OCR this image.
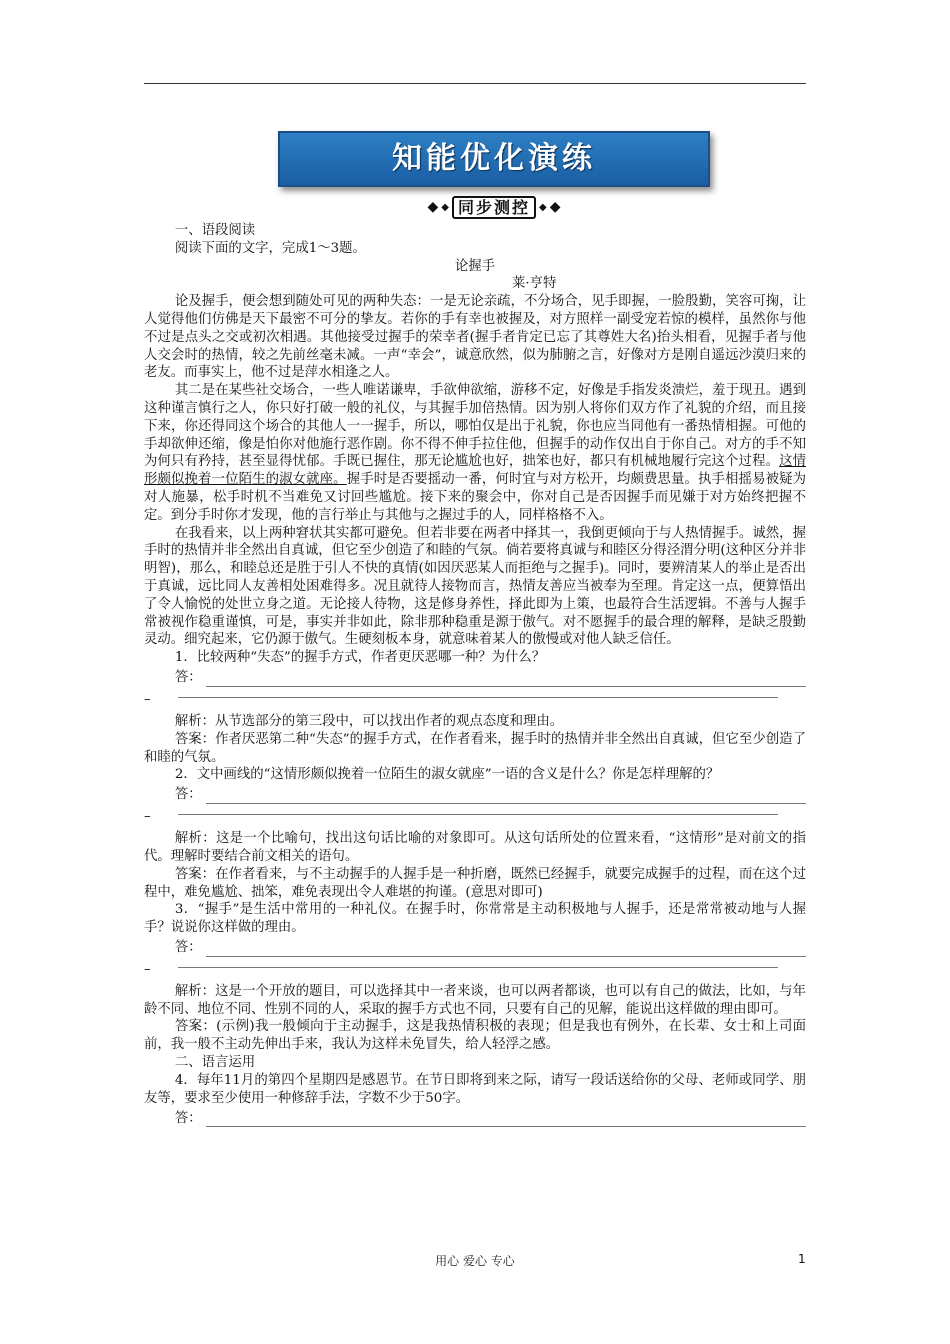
知能优化演练
◆ ◆ 同步测控 ◆ ◆

一、语段阅读

阅读下面的文字，完成1～3题。

论握手

莱·亨特

论及握手，便会想到随处可见的两种失态：一是无论亲疏，不分场合，见手即握，一脸殷勤，笑容可掬，让人觉得他们仿佛是天下最密不可分的挚友。若你的手有幸也被握及，对方照样一副受宠若惊的模样，虽然你与他不过是点头之交或初次相遇。其他接受过握手的荣幸者(握手者肯定已忘了其尊姓大名)抬头相看，见握手者与他人交会时的热情，较之先前丝毫未减。一声“幸会”，诚意欣然，似为肺腑之言，好像对方是刚自遥远沙漠归来的老友。而事实上，他不过是萍水相逢之人。

其二是在某些社交场合，一些人唯诺谦卑，手欲伸欲缩，游移不定，好像是手指发炎溃烂，羞于现丑。遇到这种谨言慎行之人，你只好打破一般的礼仪，与其握手加倍热情。因为别人将你们双方作了礼貌的介绍，而且接下来，你还得同这个场合的其他人一一握手，所以，哪怕仅是出于礼貌，你也应当同他有一番热情相握。可他的手却欲伸还缩，像是怕你对他施行恶作剧。你不得不伸手拉住他，但握手的动作仅出自于你自己。对方的手不知为何只有矜持，甚至显得忧郁。手既已握住，那无论尴尬也好，拙笨也好，都只有机械地履行完这个过程。这情形颇似挽着一位陌生的淑女就座。握手时是否要摇动一番，何时宜与对方松开，均颇费思量。执手相摇易被疑为对人施暴，松手时机不当难免又讨回些尴尬。接下来的聚会中，你对自己是否因握手而见嫌于对方始终把握不定。到分手时你才发现，他的言行举止与其他与之握过手的人，同样格格不入。

在我看来，以上两种窘状其实都可避免。但若非要在两者中择其一，我倒更倾向于与人热情握手。诚然，握手时的热情并非全然出自真诚，但它至少创造了和睦的气氛。倘若要将真诚与和睦区分得泾渭分明(这种区分并非明智)，那么，和睦总还是胜于引人不快的真情(如因厌恶某人而拒绝与之握手)。同时，要辨清某人的举止是否出于真诚，远比同人友善相处困难得多。况且就待人接物而言，热情友善应当被奉为至理。肯定这一点，便算悟出了令人愉悦的处世立身之道。无论接人待物，这是修身养性，择此即为上策，也最符合生活逻辑。不善与人握手常被视作稳重谨慎，可是，事实并非如此，除非那种稳重是源于傲气。对不愿握手的最合理的解释，是缺乏殷勤灵动。细究起来，它仍源于傲气。生硬刻板本身，就意味着某人的傲慢或对他人缺乏信任。

1．比较两种“失态”的握手方式，作者更厌恶哪一种？为什么？

答：
–

解析：从节选部分的第三段中，可以找出作者的观点态度和理由。

答案：作者厌恶第二种“失态”的握手方式，在作者看来，握手时的热情并非全然出自真诚，但它至少创造了和睦的气氛。

2．文中画线的“这情形颇似挽着一位陌生的淑女就座”一语的含义是什么？你是怎样理解的？

答：
–

解析：这是一个比喻句，找出这句话比喻的对象即可。从这句话所处的位置来看，“这情形”是对前文的指代。理解时要结合前文相关的语句。

答案：在作者看来，与不主动握手的人握手是一种折磨，既然已经握手，就要完成握手的过程，而在这个过程中，难免尴尬、拙笨，难免表现出令人难堪的拘谨。(意思对即可)

3．“握手”是生活中常用的一种礼仪。在握手时，你常常是主动积极地与人握手，还是常常被动地与人握手？说说你这样做的理由。

答：
–

解析：这是一个开放的题目，可以选择其中一者来谈，也可以两者都谈，也可以有自己的做法，比如，与年龄不同、地位不同、性别不同的人，采取的握手方式也不同，只要有自己的见解，能说出这样做的理由即可。

答案：(示例)我一般倾向于主动握手，这是我热情积极的表现；但是我也有例外，在长辈、女士和上司面前，我一般不主动先伸出手来，我认为这样未免冒失，给人轻浮之感。

二、语言运用

4．每年11月的第四个星期四是感恩节。在节日即将到来之际，请写一段话送给你的父母、老师或同学、朋友等，要求至少使用一种修辞手法，字数不少于50字。

答：
用心 爱心 专心	1
